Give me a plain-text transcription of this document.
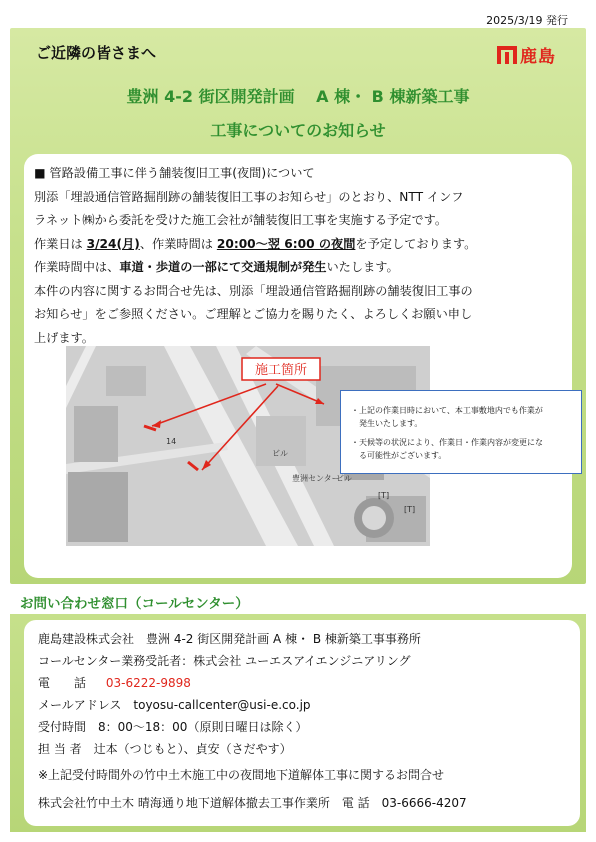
2025/3/19 発行
ご近隣の皆さまへ	鹿島
豊洲 4-2 街区開発計画　 A 棟・ B 棟新築工事
工事についてのお知らせ
■ 管路設備工事に伴う舗装復旧工事(夜間)について
別添「埋設通信管路掘削跡の舗装復旧工事のお知らせ」のとおり、NTT インフ
ラネット㈱から委託を受けた施工会社が舗装復旧工事を実施する予定です。
作業日は 3/24(月)、作業時間は 20:00～翌 6:00 の夜間を予定しております。
作業時間中は、車道・歩道の一部にて交通規制が発生いたします。
本件の内容に関するお問合せ先は、別添「埋設通信管路掘削跡の舗装復旧工事の
お知らせ」をご参照ください。ご理解とご協力を賜りたく、よろしくお願い申し
上げます。
施工箇所
14
ビル
豊洲センター
ビル
[T]
[T]
・上記の作業日時において、本工事敷地内でも作業が
　発生いたします。
・天候等の状況により、作業日・作業内容が変更にな
　る可能性がございます。
お問い合わせ窓口（コールセンター）
鹿島建設株式会社　豊洲 4-2 街区開発計画 A 棟・ B 棟新築工事事務所
コールセンター業務受託者：株式会社 ユーエスアイエンジニアリング
電　　話 03-6222-9898
メールアドレス　toyosu-callcenter@usi-e.co.jp
受付時間　8：00～18：00（原則日曜日は除く）
担 当 者　辻本（つじもと）、貞安（さだやす）
※上記受付時間外の竹中土木施工中の夜間地下道解体工事に関するお問合せ
株式会社竹中土木 晴海通り地下道解体撤去工事作業所　電 話　03-6666-4207
